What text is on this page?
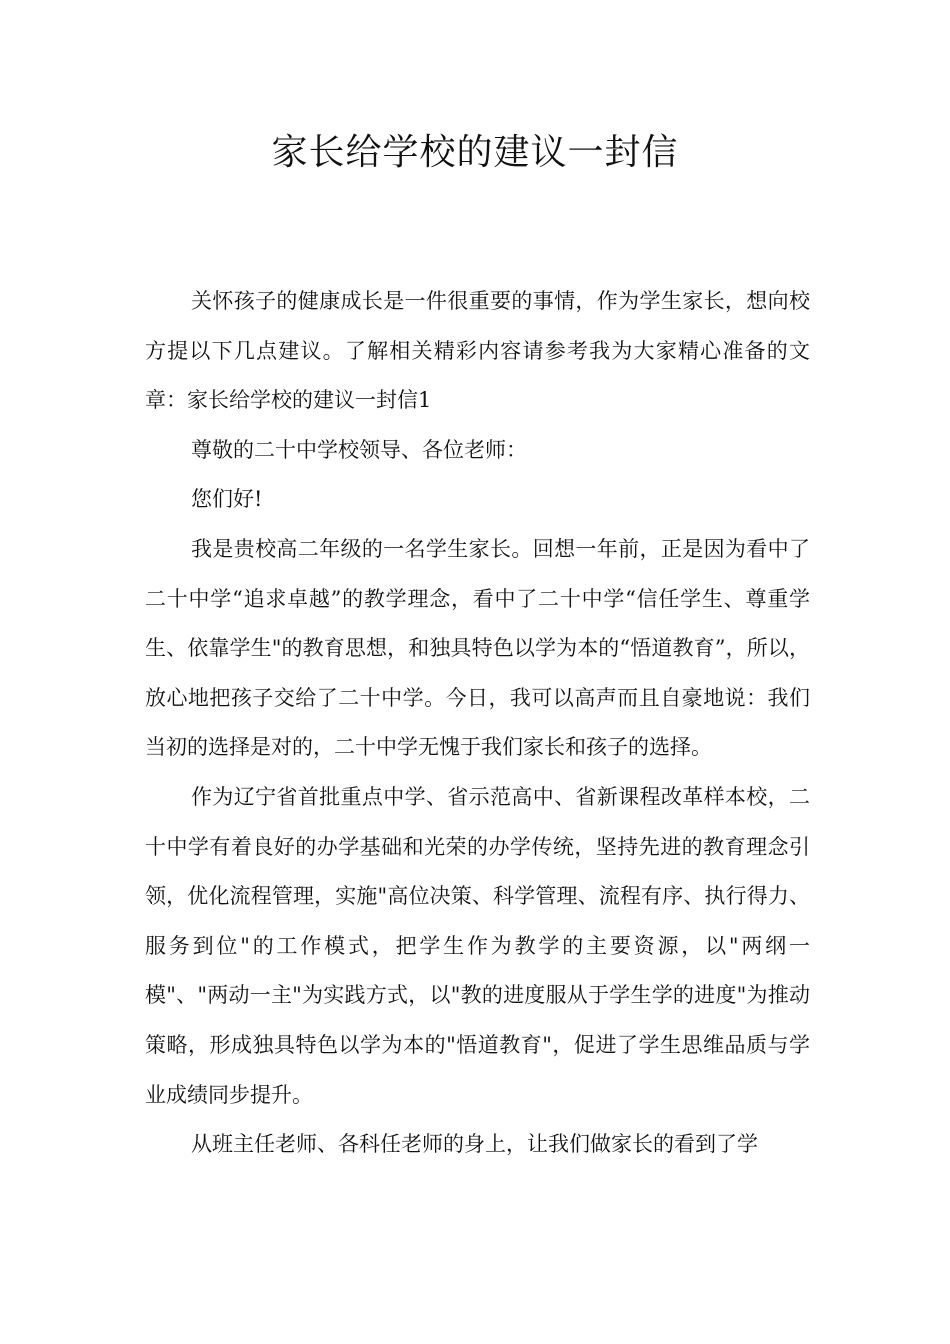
家长给学校的建议一封信

关怀孩子的健康成长是一件很重要的事情，作为学生家长，想向校方提以下几点建议。了解相关精彩内容请参考我为大家精心准备的文章：家长给学校的建议一封信1

尊敬的二十中学校领导、各位老师：

您们好!

我是贵校高二年级的一名学生家长。回想一年前，正是因为看中了二十中学“追求卓越”的教学理念，看中了二十中学“信任学生、尊重学生、依靠学生"的教育思想，和独具特色以学为本的“悟道教育”，所以，放心地把孩子交给了二十中学。今日，我可以高声而且自豪地说：我们当初的选择是对的，二十中学无愧于我们家长和孩子的选择。

作为辽宁省首批重点中学、省示范高中、省新课程改革样本校，二十中学有着良好的办学基础和光荣的办学传统，坚持先进的教育理念引领，优化流程管理，实施"高位决策、科学管理、流程有序、执行得力、服务到位"的工作模式，把学生作为教学的主要资源，以"两纲一模"、"两动一主"为实践方式，以"教的进度服从于学生学的进度"为推动策略，形成独具特色以学为本的"悟道教育"，促进了学生思维品质与学业成绩同步提升。

从班主任老师、各科任老师的身上，让我们做家长的看到了学
